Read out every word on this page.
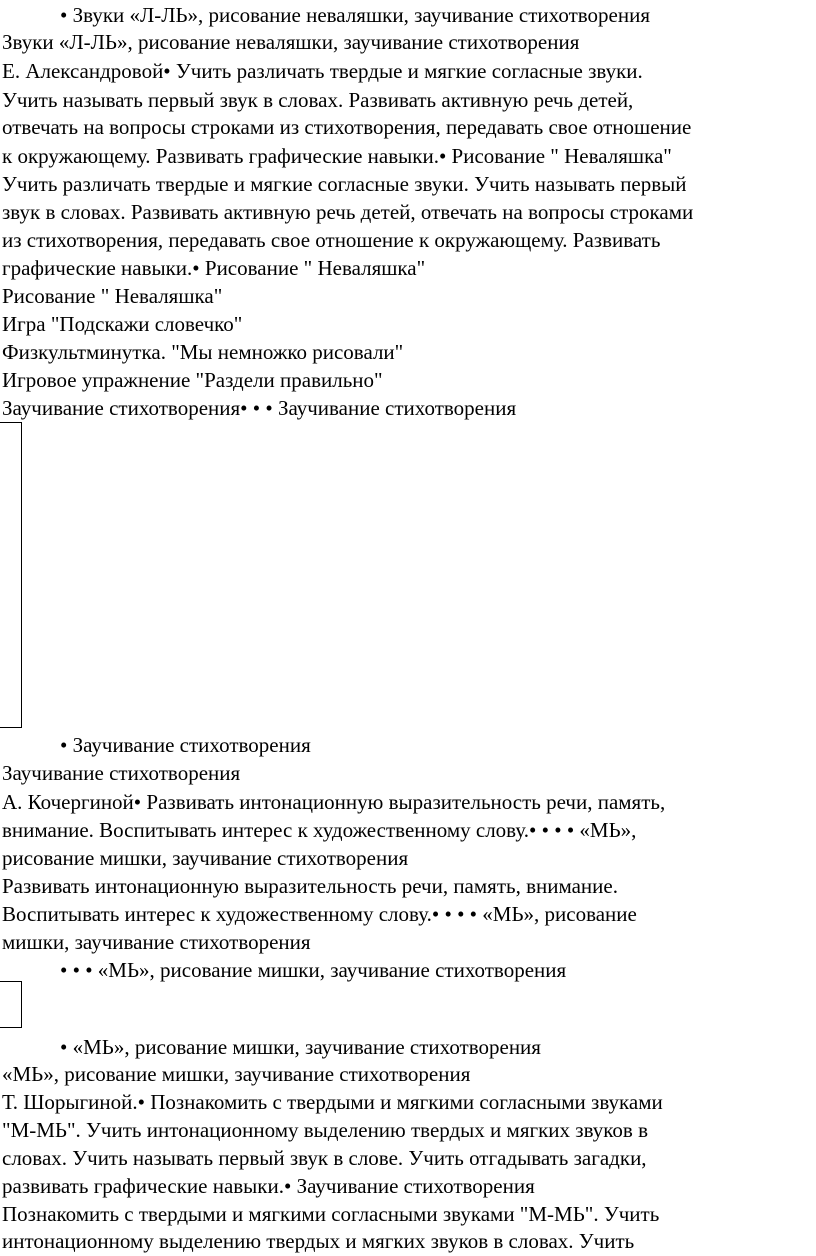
• Звуки «Л-ЛЬ», рисование неваляшки, заучивание стихотворения
Звуки «Л-ЛЬ», рисование неваляшки, заучивание стихотворения
Е. Александровой• Учить различать твердые и мягкие согласные звуки.
Учить называть первый звук в словах. Развивать активную речь детей,
отвечать на вопросы строками из стихотворения, передавать свое отношение
к окружающему. Развивать графические навыки.• Рисование " Неваляшка"
Учить различать твердые и мягкие согласные звуки. Учить называть первый
звук в словах. Развивать активную речь детей, отвечать на вопросы строками
из стихотворения, передавать свое отношение к окружающему. Развивать
графические навыки.• Рисование " Неваляшка"
Рисование " Неваляшка"
Игра "Подскажи словечко"
Физкультминутка. "Мы немножко рисовали"
Игровое упражнение "Раздели правильно"
Заучивание стихотворения• • • Заучивание стихотворения
• Заучивание стихотворения
Заучивание стихотворения
А. Кочергиной• Развивать интонационную выразительность речи, память,
внимание. Воспитывать интерес к художественному слову.• • • • «МЬ»,
рисование мишки, заучивание стихотворения
Развивать интонационную выразительность речи, память, внимание.
Воспитывать интерес к художественному слову.• • • • «МЬ», рисование
мишки, заучивание стихотворения
• • • «МЬ», рисование мишки, заучивание стихотворения
• «МЬ», рисование мишки, заучивание стихотворения
«МЬ», рисование мишки, заучивание стихотворения
Т. Шорыгиной.• Познакомить с твердыми и мягкими согласными звуками
"М-МЬ". Учить интонационному выделению твердых и мягких звуков в
словах. Учить называть первый звук в слове. Учить отгадывать загадки,
развивать графические навыки.• Заучивание стихотворения
Познакомить с твердыми и мягкими согласными звуками "М-МЬ". Учить
интонационному выделению твердых и мягких звуков в словах. Учить
